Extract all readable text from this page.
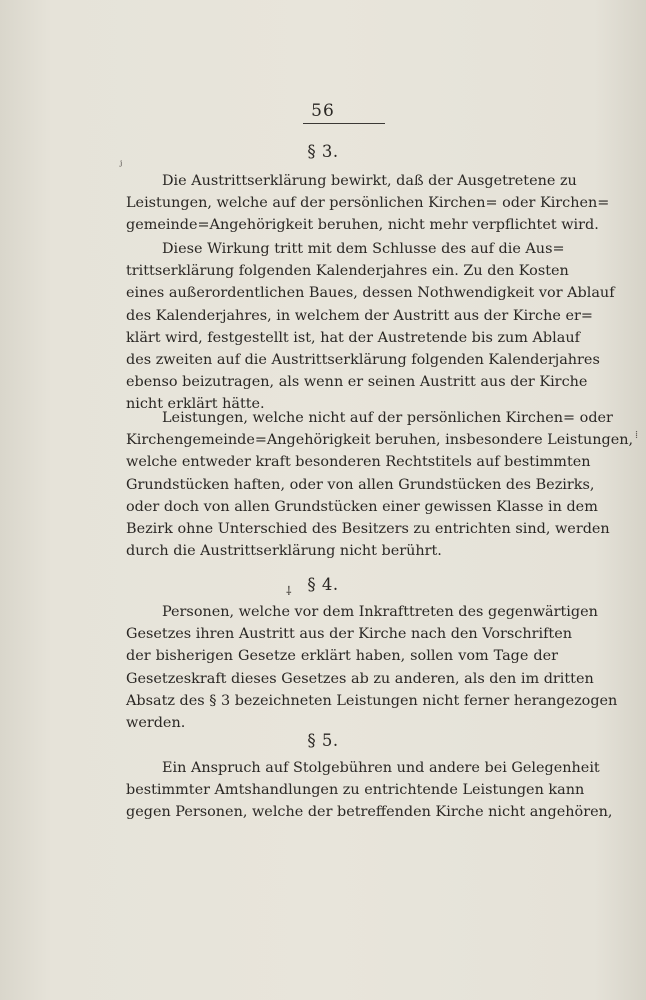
ʲ
56
§ 3.
Die Austrittserklärung bewirkt, daß der Ausgetretene zu
Leistungen, welche auf der persönlichen Kirchen= oder Kirchen=
gemeinde=Angehörigkeit beruhen, nicht mehr verpflichtet wird.
Diese Wirkung tritt mit dem Schlusse des auf die Aus=
trittserklärung folgenden Kalenderjahres ein. Zu den Kosten
eines außerordentlichen Baues, dessen Nothwendigkeit vor Ablauf
des Kalenderjahres, in welchem der Austritt aus der Kirche er=
klärt wird, festgestellt ist, hat der Austretende bis zum Ablauf
des zweiten auf die Austrittserklärung folgenden Kalenderjahres
ebenso beizutragen, als wenn er seinen Austritt aus der Kirche
nicht erklärt hätte.
Leistungen, welche nicht auf der persönlichen Kirchen= oder
Kirchengemeinde=Angehörigkeit beruhen, insbesondere Leistungen,
welche entweder kraft besonderen Rechtstitels auf bestimmten
Grundstücken haften, oder von allen Grundstücken des Bezirks,
oder doch von allen Grundstücken einer gewissen Klasse in dem
Bezirk ohne Unterschied des Besitzers zu entrichten sind, werden
durch die Austrittserklärung nicht berührt.
⁞
⸸ § 4.
Personen, welche vor dem Inkrafttreten des gegenwärtigen
Gesetzes ihren Austritt aus der Kirche nach den Vorschriften
der bisherigen Gesetze erklärt haben, sollen vom Tage der
Gesetzeskraft dieses Gesetzes ab zu anderen, als den im dritten
Absatz des § 3 bezeichneten Leistungen nicht ferner herangezogen
werden.
§ 5.
Ein Anspruch auf Stolgebühren und andere bei Gelegenheit
bestimmter Amtshandlungen zu entrichtende Leistungen kann
gegen Personen, welche der betreffenden Kirche nicht angehören,
